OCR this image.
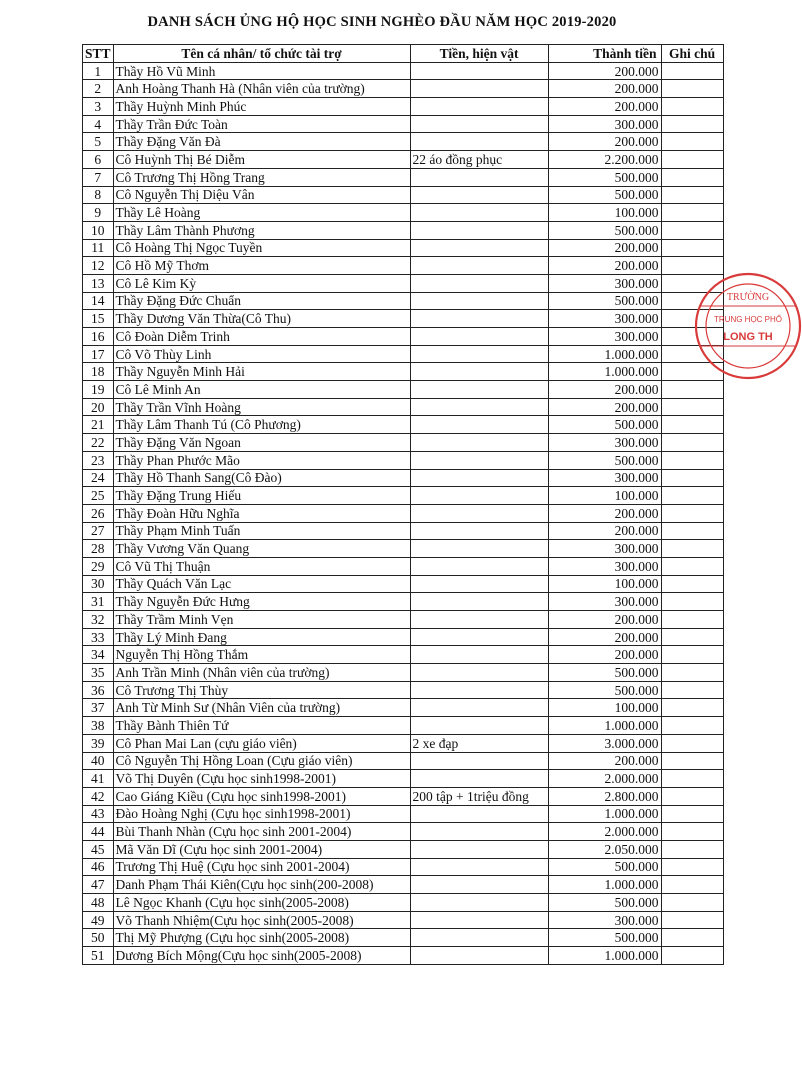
DANH SÁCH ỦNG HỘ HỌC SINH NGHÈO ĐẦU NĂM HỌC 2019-2020
STT	Tên cá nhân/ tổ chức tài trợ	Tiền, hiện vật	Thành tiền	Ghi chú
1	Thầy Hồ Vũ Minh		200.000	
2	Anh Hoàng Thanh Hà (Nhân viên của trường)		200.000	
3	Thầy Huỳnh Minh Phúc		200.000	
4	Thầy Trần Đức Toàn		300.000	
5	Thầy Đặng Văn Đà		200.000	
6	Cô Huỳnh Thị Bé Diễm	22 áo đồng phục	2.200.000	
7	Cô Trương Thị Hồng Trang		500.000	
8	Cô Nguyễn Thị Diệu Vân		500.000	
9	Thầy Lê Hoàng		100.000	
10	Thầy Lâm Thành Phương		500.000	
11	Cô Hoàng Thị Ngọc Tuyền		200.000	
12	Cô Hồ Mỹ Thơm		200.000	
13	Cô Lê Kim Kỳ		300.000	
14	Thầy Đặng Đức Chuẩn		500.000	
15	Thầy Dương Văn Thừa(Cô Thu)		300.000	
16	Cô Đoàn Diễm Trinh		300.000	
17	Cô Võ Thùy Linh		1.000.000	
18	Thầy Nguyễn Minh Hải		1.000.000	
19	Cô Lê Minh An		200.000	
20	Thầy Trần Vĩnh Hoàng		200.000	
21	Thầy Lâm Thanh Tú (Cô Phương)		500.000	
22	Thầy Đặng Văn Ngoan		300.000	
23	Thầy Phan Phước Mão		500.000	
24	Thầy Hồ Thanh Sang(Cô Đào)		300.000	
25	Thầy Đặng Trung Hiếu		100.000	
26	Thầy Đoàn Hữu Nghĩa		200.000	
27	Thầy Phạm Minh Tuấn		200.000	
28	Thầy Vương Văn Quang		300.000	
29	Cô Vũ Thị Thuận		300.000	
30	Thầy Quách Văn Lạc		100.000	
31	Thầy Nguyễn Đức Hưng		300.000	
32	Thầy Trầm Minh Vẹn		200.000	
33	Thầy Lý Minh Đang		200.000	
34	Nguyễn Thị Hồng Thắm		200.000	
35	Anh Trần Minh (Nhân viên của trường)		500.000	
36	Cô Trương Thị Thùy		500.000	
37	Anh Từ Minh Sư (Nhân Viên của trường)		100.000	
38	Thầy Bành Thiên Tứ		1.000.000	
39	Cô Phan Mai Lan (cựu giáo viên)	2 xe đạp	3.000.000	
40	Cô Nguyễn Thị Hồng Loan (Cựu giáo viên)		200.000	
41	Võ Thị Duyên (Cựu học sinh1998-2001)		2.000.000	
42	Cao Giáng Kiều (Cựu học sinh1998-2001)	200 tập + 1triệu đồng	2.800.000	
43	Đào Hoàng Nghị (Cựu học sinh1998-2001)		1.000.000	
44	Bùi Thanh Nhàn (Cựu học sinh 2001-2004)		2.000.000	
45	Mã Văn Dĩ (Cựu học sinh 2001-2004)		2.050.000	
46	Trương Thị Huệ (Cựu học sinh 2001-2004)		500.000	
47	Danh Phạm Thái Kiên(Cựu học sinh(200-2008)		1.000.000	
48	Lê Ngọc Khanh (Cựu học sinh(2005-2008)		500.000	
49	Võ Thanh Nhiệm(Cựu học sinh(2005-2008)		300.000	
50	Thị Mỹ Phượng (Cựu học sinh(2005-2008)		500.000	
51	Dương Bích Mộng(Cựu học sinh(2005-2008)		1.000.000	
TRƯỜNG
TRUNG HỌC PHỔ
LONG TH
